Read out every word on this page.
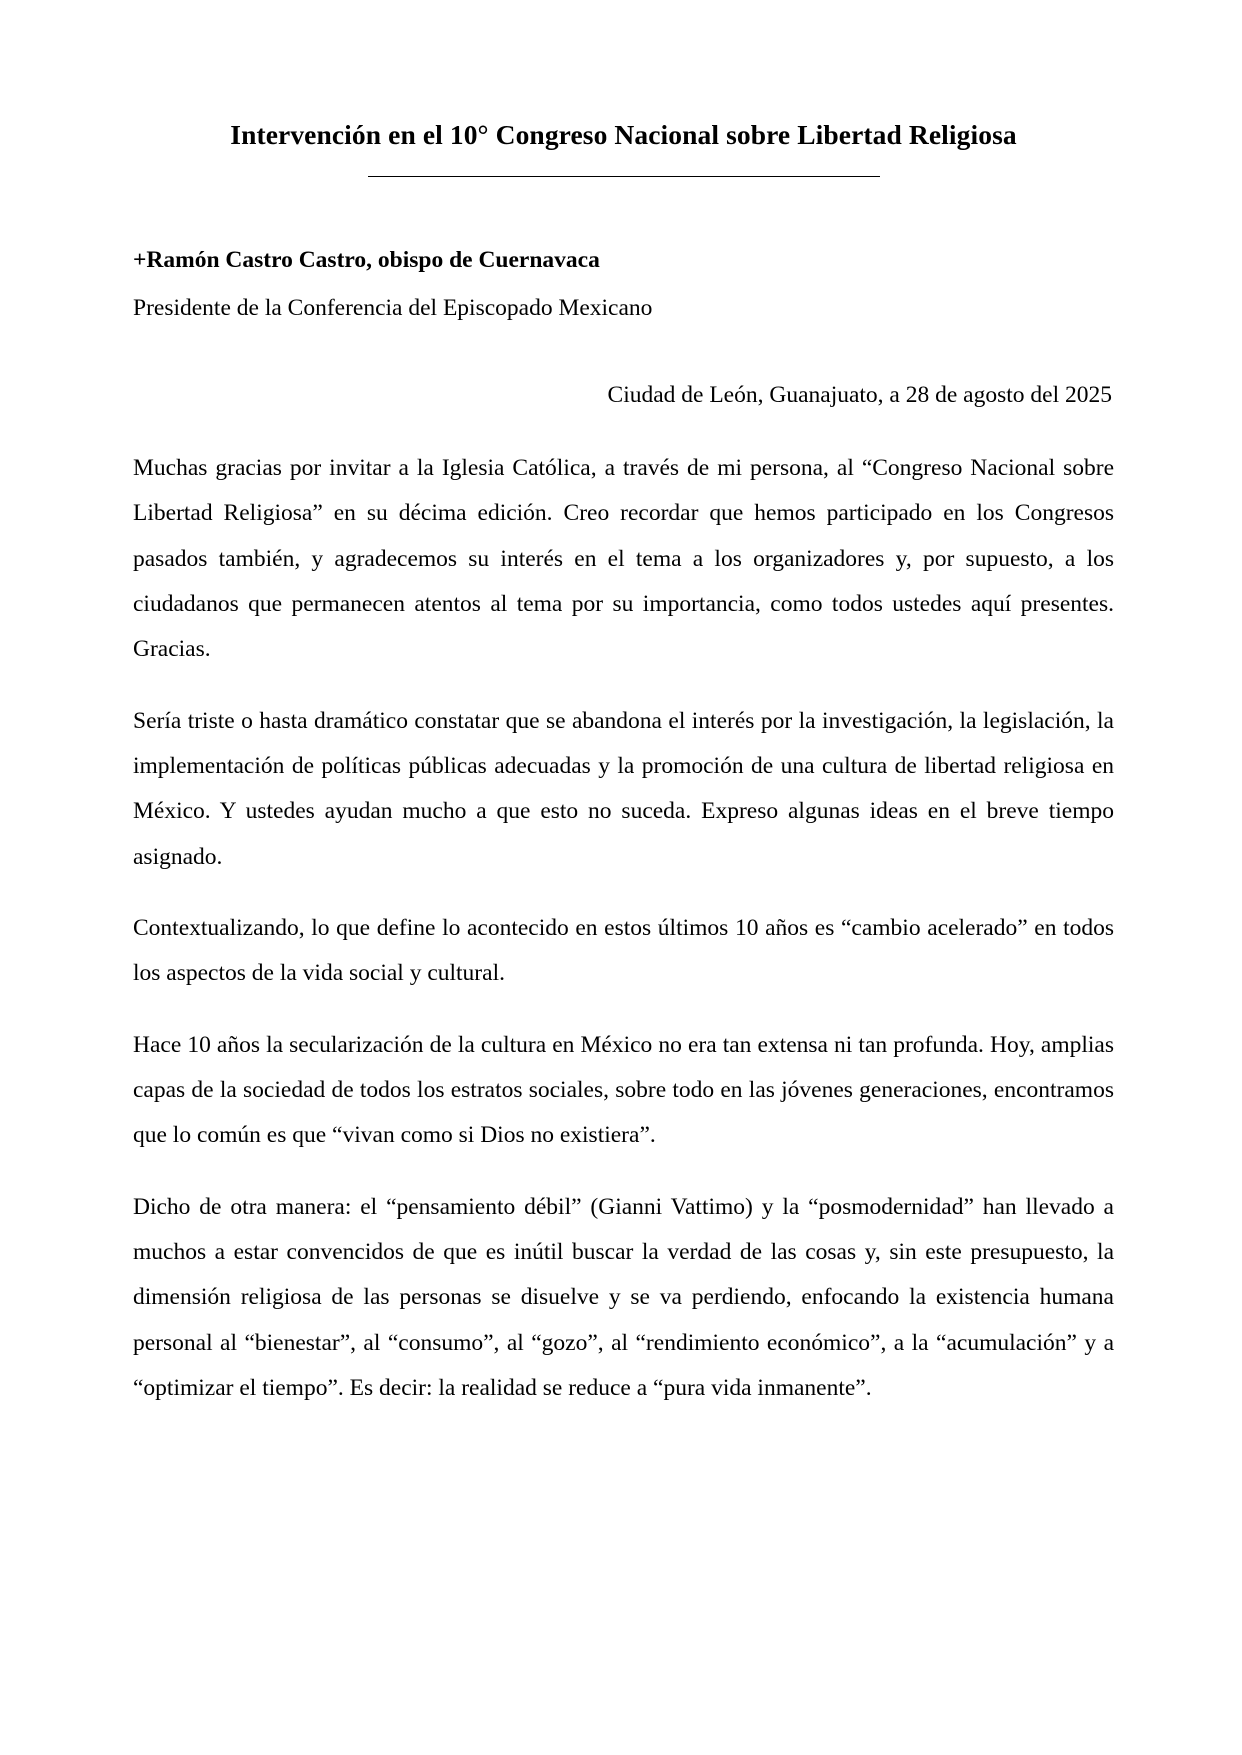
Intervención en el 10° Congreso Nacional sobre Libertad Religiosa

+Ramón Castro Castro, obispo de Cuernavaca

Presidente de la Conferencia del Episcopado Mexicano

Ciudad de León, Guanajuato, a 28 de agosto del 2025

Muchas gracias por invitar a la Iglesia Católica, a través de mi persona, al “Congreso Nacional sobre Libertad Religiosa” en su décima edición. Creo recordar que hemos participado en los Congresos pasados también, y agradecemos su interés en el tema a los organizadores y, por supuesto, a los ciudadanos que permanecen atentos al tema por su importancia, como todos ustedes aquí presentes. Gracias.

Sería triste o hasta dramático constatar que se abandona el interés por la investigación, la legislación, la implementación de políticas públicas adecuadas y la promoción de una cultura de libertad religiosa en México. Y ustedes ayudan mucho a que esto no suceda. Expreso algunas ideas en el breve tiempo asignado.

Contextualizando, lo que define lo acontecido en estos últimos 10 años es “cambio acelerado” en todos los aspectos de la vida social y cultural.

Hace 10 años la secularización de la cultura en México no era tan extensa ni tan profunda. Hoy, amplias capas de la sociedad de todos los estratos sociales, sobre todo en las jóvenes generaciones, encontramos que lo común es que “vivan como si Dios no existiera”.

Dicho de otra manera: el “pensamiento débil” (Gianni Vattimo) y la “posmodernidad” han llevado a muchos a estar convencidos de que es inútil buscar la verdad de las cosas y, sin este presupuesto, la dimensión religiosa de las personas se disuelve y se va perdiendo, enfocando la existencia humana personal al “bienestar”, al “consumo”, al “gozo”, al “rendimiento económico”, a la “acumulación” y a “optimizar el tiempo”. Es decir: la realidad se reduce a “pura vida inmanente”.
